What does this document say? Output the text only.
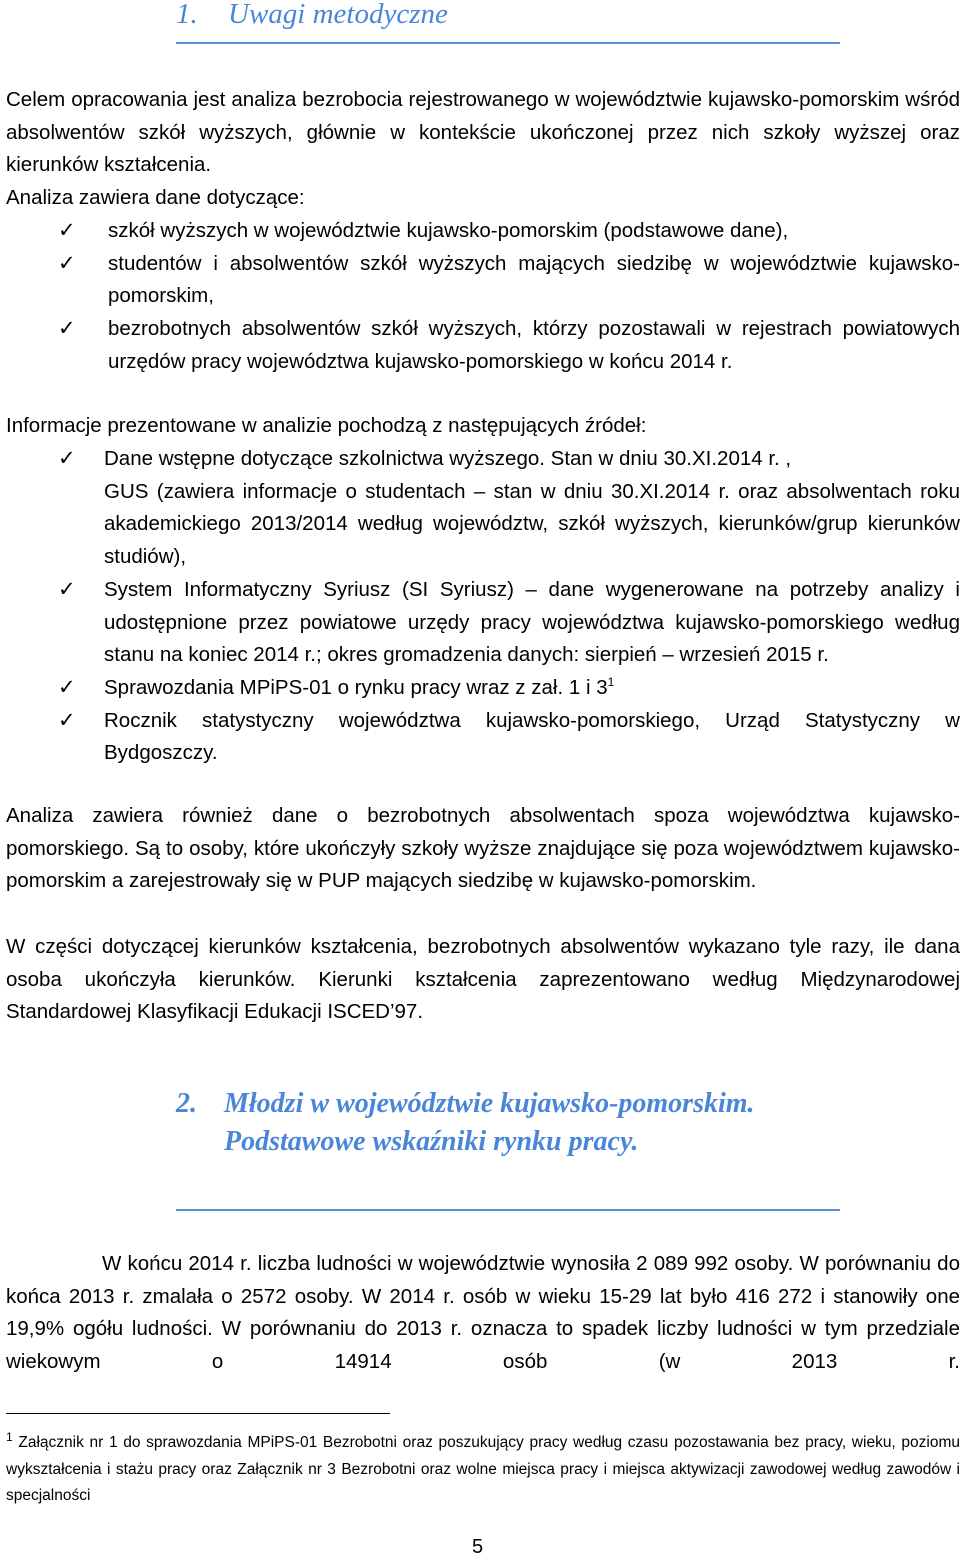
1. Uwagi metodyczne
Celem opracowania jest analiza bezrobocia rejestrowanego w województwie kujawsko-pomorskim wśród absolwentów szkół wyższych, głównie w kontekście ukończonej przez nich szkoły wyższej oraz kierunków kształcenia.
Analiza zawiera dane dotyczące:
✓	szkół wyższych w województwie kujawsko-pomorskim (podstawowe dane),
✓	studentów i absolwentów szkół wyższych mających siedzibę w województwie kujawsko-pomorskim,
✓	bezrobotnych absolwentów szkół wyższych, którzy pozostawali w rejestrach powiatowych urzędów pracy województwa kujawsko-pomorskiego w końcu 2014 r.
Informacje prezentowane w analizie pochodzą z następujących źródeł:
✓	Dane wstępne dotyczące szkolnictwa wyższego. Stan w dniu 30.XI.2014 r. ,
GUS (zawiera informacje o studentach – stan w dniu 30.XI.2014 r. oraz absolwentach roku akademickiego 2013/2014 według województw, szkół wyższych, kierunków/grup kierunków studiów),
✓	System Informatyczny Syriusz (SI Syriusz) – dane wygenerowane na potrzeby analizy i udostępnione przez powiatowe urzędy pracy województwa kujawsko-pomorskiego według stanu na koniec 2014 r.; okres gromadzenia danych: sierpień – wrzesień 2015 r.
✓	Sprawozdania MPiPS-01 o rynku pracy wraz z zał. 1 i $3^1$
✓	Rocznik statystyczny województwa kujawsko-pomorskiego, Urząd Statystyczny w Bydgoszczy.
Analiza zawiera również dane o bezrobotnych absolwentach spoza województwa kujawsko-pomorskiego. Są to osoby, które ukończyły szkoły wyższe znajdujące się poza województwem kujawsko-pomorskim a zarejestrowały się w PUP mających siedzibę w kujawsko-pomorskim.
W części dotyczącej kierunków kształcenia, bezrobotnych absolwentów wykazano tyle razy, ile dana osoba ukończyła kierunków. Kierunki kształcenia zaprezentowano według Międzynarodowej Standardowej Klasyfikacji Edukacji ISCED’97.
2. Młodzi w województwie kujawsko-pomorskim. Podstawowe wskaźniki rynku pracy.
W końcu 2014 r. liczba ludności w województwie wynosiła 2 089 992 osoby. W porównaniu do końca 2013 r. zmalała o 2572 osoby. W 2014 r. osób w wieku 15-29 lat było 416 272 i stanowiły one 19,9% ogółu ludności. W porównaniu do 2013 r. oznacza to spadek liczby ludności w tym przedziale wiekowym o 14914 osób (w 2013 r.
$^1$ Załącznik nr 1 do sprawozdania MPiPS-01 Bezrobotni oraz poszukujący pracy według czasu pozostawania bez pracy, wieku, poziomu wykształcenia i stażu pracy oraz Załącznik nr 3 Bezrobotni oraz wolne miejsca pracy i miejsca aktywizacji zawodowej według zawodów i specjalności
5
